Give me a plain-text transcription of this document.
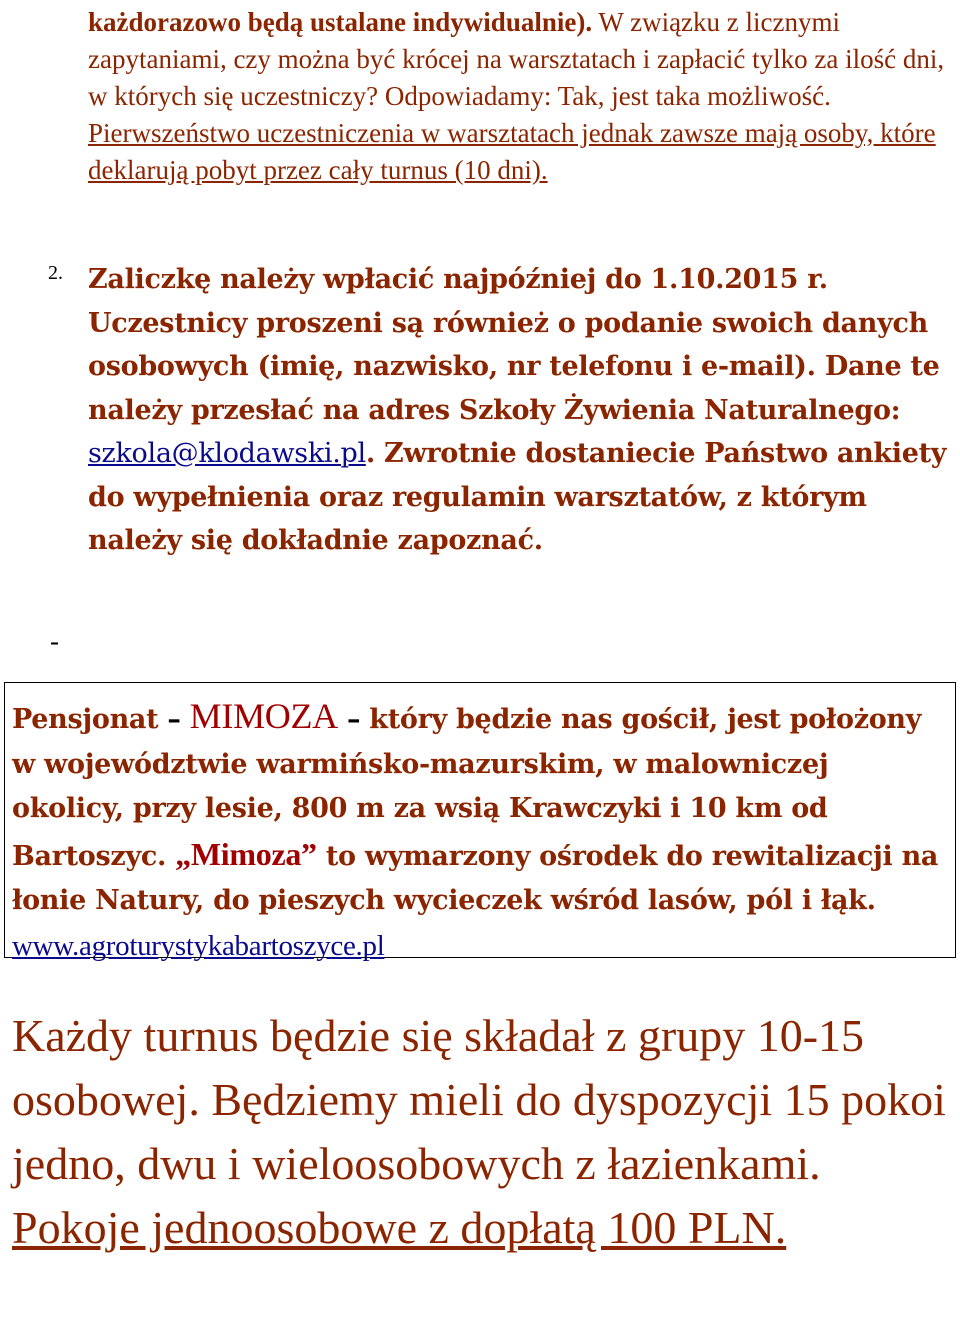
każdorazowo będą ustalane indywidualnie). W związku z licznymi zapytaniami, czy można być krócej na warsztatach i zapłacić tylko za ilość dni, w których się uczestniczy? Odpowiadamy: Tak, jest taka możliwość. Pierwszeństwo uczestniczenia w warsztatach jednak zawsze mają osoby, które deklarują pobyt przez cały turnus (10 dni).
2. Zaliczkę należy wpłacić najpóźniej do 1.10.2015 r. Uczestnicy proszeni są również o podanie swoich danych osobowych (imię, nazwisko, nr telefonu i e-mail). Dane te należy przesłać na adres Szkoły Żywienia Naturalnego: szkola@klodawski.pl. Zwrotnie dostaniecie Państwo ankiety do wypełnienia oraz regulamin warsztatów, z którym należy się dokładnie zapoznać.
-
Pensjonat – MIMOZA – który będzie nas gościł, jest położony w województwie warmińsko-mazurskim, w malowniczej okolicy, przy lesie, 800 m za wsią Krawczyki i 10 km od Bartoszyc. „Mimoza” to wymarzony ośrodek do rewitalizacji na łonie Natury, do pieszych wycieczek wśród lasów, pól i łąk. www.agroturystykabartoszyce.pl
Każdy turnus będzie się składał z grupy 10-15 osobowej. Będziemy mieli do dyspozycji 15 pokoi jedno, dwu i wieloosobowych z łazienkami. Pokoje jednoosobowe z dopłatą 100 PLN.
